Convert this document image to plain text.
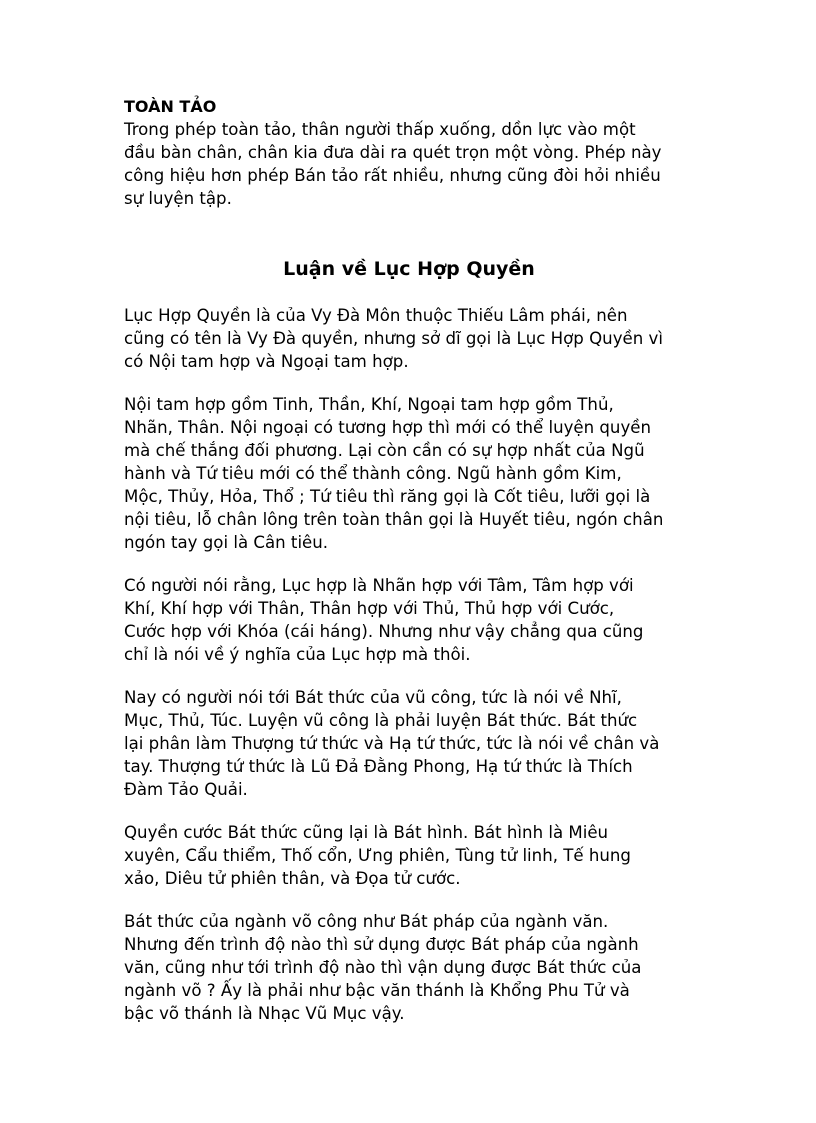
TOÀN TẢO

Trong phép toàn tảo, thân người thấp xuống, dồn lực vào một
đầu bàn chân, chân kia đưa dài ra quét trọn một vòng. Phép này
công hiệu hơn phép Bán tảo rất nhiều, nhưng cũng đòi hỏi nhiều
sự luyện tập.

Luận về Lục Hợp Quyền

Lục Hợp Quyền là của Vy Đà Môn thuộc Thiếu Lâm phái, nên
cũng có tên là Vy Đà quyền, nhưng sở dĩ gọi là Lục Hợp Quyền vì
có Nội tam hợp và Ngoại tam hợp.

Nội tam hợp gồm Tinh, Thần, Khí, Ngoại tam hợp gồm Thủ,
Nhãn, Thân. Nội ngoại có tương hợp thì mới có thể luyện quyền
mà chế thắng đối phương. Lại còn cần có sự hợp nhất của Ngũ
hành và Tứ tiêu mới có thể thành công. Ngũ hành gồm Kim,
Mộc, Thủy, Hỏa, Thổ ; Tứ tiêu thì răng gọi là Cốt tiêu, lưỡi gọi là
nội tiêu, lỗ chân lông trên toàn thân gọi là Huyết tiêu, ngón chân
ngón tay gọi là Cân tiêu.

Có người nói rằng, Lục hợp là Nhãn hợp với Tâm, Tâm hợp với
Khí, Khí hợp với Thân, Thân hợp với Thủ, Thủ hợp với Cước,
Cước hợp với Khóa (cái háng). Nhưng như vậy chẳng qua cũng
chỉ là nói về ý nghĩa của Lục hợp mà thôi.

Nay có người nói tới Bát thức của vũ công, tức là nói về Nhĩ,
Mục, Thủ, Túc. Luyện vũ công là phải luyện Bát thức. Bát thức
lại phân làm Thượng tứ thức và Hạ tứ thức, tức là nói về chân và
tay. Thượng tứ thức là Lũ Đả Đằng Phong, Hạ tứ thức là Thích
Đàm Tảo Quải.

Quyền cước Bát thức cũng lại là Bát hình. Bát hình là Miêu
xuyên, Cẩu thiểm, Thố cổn, Ưng phiên, Tùng tử linh, Tế hung
xảo, Diêu tử phiên thân, và Đọa tử cước.

Bát thức của ngành võ công như Bát pháp của ngành văn.
Nhưng đến trình độ nào thì sử dụng được Bát pháp của ngành
văn, cũng như tới trình độ nào thì vận dụng được Bát thức của
ngành võ ? Ấy là phải như bậc văn thánh là Khổng Phu Tử và
bậc võ thánh là Nhạc Vũ Mục vậy.
